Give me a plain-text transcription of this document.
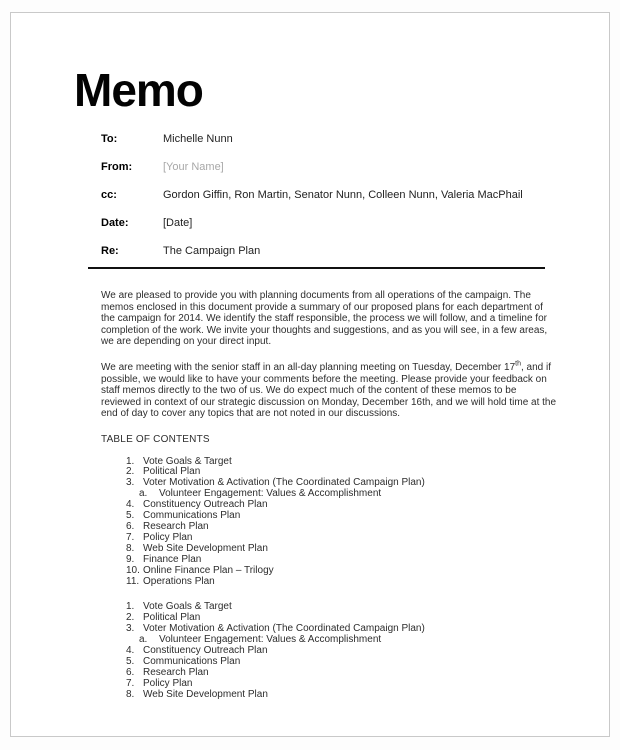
Memo
To:	Michelle Nunn
From:	[Your Name]
cc:	Gordon Giffin, Ron Martin, Senator Nunn, Colleen Nunn, Valeria MacPhail
Date:	[Date]
Re:	The Campaign Plan

We are pleased to provide you with planning documents from all operations of the campaign. The memos enclosed in this document provide a summary of our proposed plans for each department of the campaign for 2014. We identify the staff responsible, the process we will follow, and a timeline for completion of the work. We invite your thoughts and suggestions, and as you will see, in a few areas, we are depending on your direct input.

We are meeting with the senior staff in an all-day planning meeting on Tuesday, December 17th, and if possible, we would like to have your comments before the meeting. Please provide your feedback on staff memos directly to the two of us. We do expect much of the content of these memos to be reviewed in context of our strategic discussion on Monday, December 16th, and we will hold time at the end of day to cover any topics that are not noted in our discussions.

TABLE OF CONTENTS

1. Vote Goals & Target
2. Political Plan
3. Voter Motivation & Activation (The Coordinated Campaign Plan)
a.	Volunteer Engagement: Values & Accomplishment
4. Constituency Outreach Plan
5. Communications Plan
6. Research Plan
7. Policy Plan
8. Web Site Development Plan
9. Finance Plan
10. Online Finance Plan – Trilogy
11. Operations Plan
1. Vote Goals & Target
2. Political Plan
3. Voter Motivation & Activation (The Coordinated Campaign Plan)
a.	Volunteer Engagement: Values & Accomplishment
4. Constituency Outreach Plan
5. Communications Plan
6. Research Plan
7. Policy Plan
8. Web Site Development Plan
